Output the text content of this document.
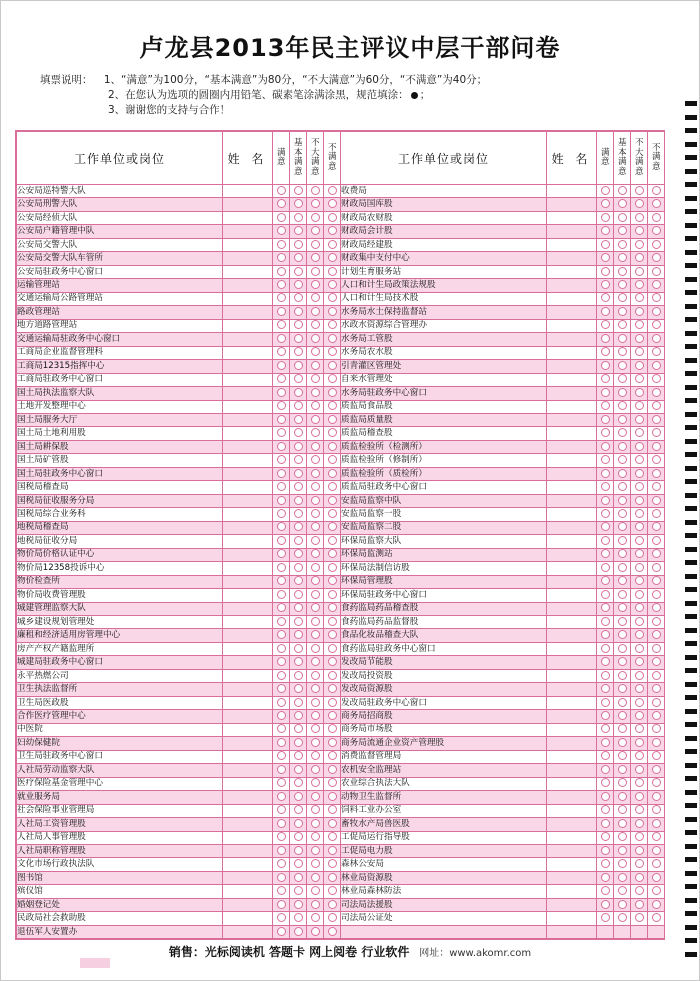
卢龙县2013年民主评议中层干部问卷
填票说明： 1、“满意”为100分，“基本满意”为80分，“不大满意”为60分，“不满意”为40分；
2、在您认为选项的圆圈内用铅笔、碳素笔涂满涂黑，规范填涂： ；
3、谢谢您的支持与合作！
工作单位或岗位	姓 名	满意	基本满意	不大满意	不满意	工作单位或岗位	姓 名	满意	基本满意	不大满意	不满意
公安局巡特警大队						收费局					
公安局刑警大队						财政局国库股					
公安局经侦大队						财政局农财股					
公安局户籍管理中队						财政局会计股					
公安局交警大队						财政局经建股					
公安局交警大队车管所						财政集中支付中心					
公安局驻政务中心窗口						计划生育服务站					
运输管理站						人口和计生局政策法规股					
交通运输局公路管理站						人口和计生局技术股					
路政管理站						水务局水土保持监督站					
地方道路管理站						水政水资源综合管理办					
交通运输局驻政务中心窗口						水务局工管股					
工商局企业监督管理科						水务局农水股					
工商局12315指挥中心						引青灌区管理处					
工商局驻政务中心窗口						自来水管理处					
国土局执法监察大队						水务局驻政务中心窗口					
土地开发整理中心						质监局食品股					
国土局服务大厅						质监局质量股					
国土局土地利用股						质监局稽查股					
国土局耕保股						质监检验所（检测所）					
国土局矿管股						质监检验所（修制所）					
国土局驻政务中心窗口						质监检验所（质检所）					
国税局稽查局						质监局驻政务中心窗口					
国税局征收服务分局						安监局监察中队					
国税局综合业务科						安监局监察一股					
地税局稽查局						安监局监察二股					
地税局征收分局						环保局监察大队					
物价局价格认证中心						环保局监测站					
物价局12358投诉中心						环保局法制信访股					
物价检查所						环保局管理股					
物价局收费管理股						环保局驻政务中心窗口					
城建管理监察大队						食药监局药品稽查股					
城乡建设规划管理处						食药监局药品监督股					
廉租和经济适用房管理中心						食品化妆品稽查大队					
房产产权产籍监理所						食药监局驻政务中心窗口					
城建局驻政务中心窗口						发改局节能股					
永平热燃公司						发改局投资股					
卫生执法监督所						发改局资源股					
卫生局医政股						发改局驻政务中心窗口					
合作医疗管理中心						商务局招商股					
中医院						商务局市场股					
妇幼保健院						商务局流通企业资产管理股					
卫生局驻政务中心窗口						消费监督管理局					
人社局劳动监察大队						农机安全监理站					
医疗保险基金管理中心						农业综合执法大队					
就业服务局						动物卫生监督所					
社会保险事业管理局						饲料工业办公室					
人社局工资管理股						畜牧水产局兽医股					
人社局人事管理股						工促局运行指导股					
人社局职称管理股						工促局电力股					
文化市场行政执法队						森林公安局					
图书馆						林业局资源股					
殡仪馆						林业局森林防法					
婚姻登记处						司法局法援股					
民政局社会救助股						司法局公证处					
退伍军人安置办											
销售：光标阅读机 答题卡 网上阅卷 行业软件 网址：www.akomr.com
